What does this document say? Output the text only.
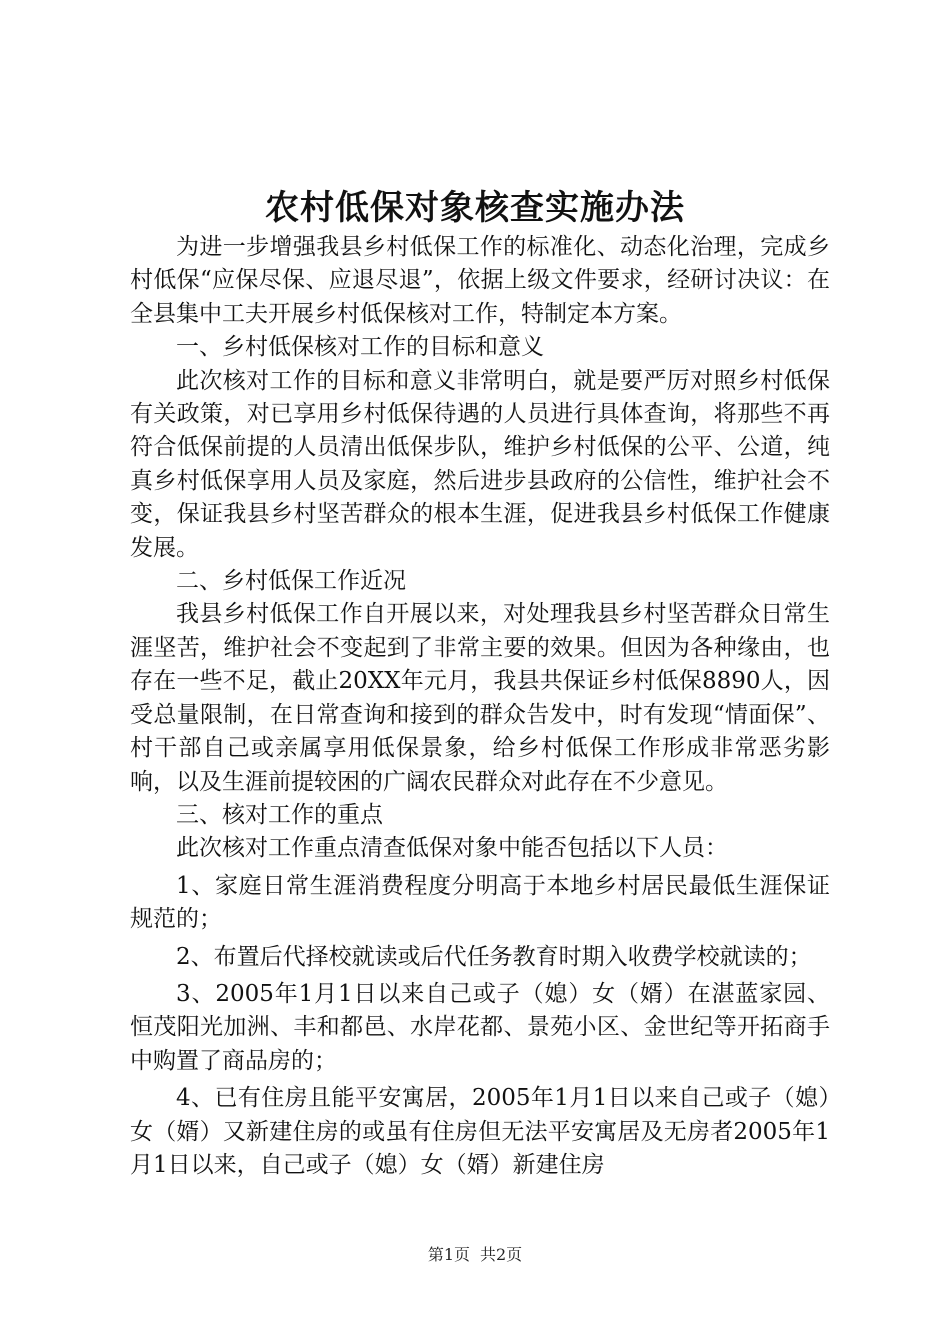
农村低保对象核查实施办法

为进一步增强我县乡村低保工作的标准化、动态化治理，完成乡村低保“应保尽保、应退尽退”，依据上级文件要求，经研讨决议：在全县集中工夫开展乡村低保核对工作，特制定本方案。

一、乡村低保核对工作的目标和意义

此次核对工作的目标和意义非常明白，就是要严厉对照乡村低保有关政策，对已享用乡村低保待遇的人员进行具体查询，将那些不再符合低保前提的人员清出低保步队，维护乡村低保的公平、公道，纯真乡村低保享用人员及家庭，然后进步县政府的公信性，维护社会不变，保证我县乡村坚苦群众的根本生涯，促进我县乡村低保工作健康发展。

二、乡村低保工作近况

我县乡村低保工作自开展以来，对处理我县乡村坚苦群众日常生涯坚苦，维护社会不变起到了非常主要的效果。但因为各种缘由，也存在一些不足，截止20XX年元月，我县共保证乡村低保8890人，因受总量限制，在日常查询和接到的群众告发中，时有发现“情面保”、村干部自己或亲属享用低保景象，给乡村低保工作形成非常恶劣影响，以及生涯前提较困的广阔农民群众对此存在不少意见。

三、核对工作的重点

此次核对工作重点清查低保对象中能否包括以下人员：

1、家庭日常生涯消费程度分明高于本地乡村居民最低生涯保证规范的；

2、布置后代择校就读或后代任务教育时期入收费学校就读的；

3、2005年1月1日以来自己或子（媳）女（婿）在湛蓝家园、恒茂阳光加洲、丰和都邑、水岸花都、景苑小区、金世纪等开拓商手中购置了商品房的；

4、已有住房且能平安寓居，2005年1月1日以来自己或子（媳）女（婿）又新建住房的或虽有住房但无法平安寓居及无房者2005年1月1日以来，自己或子（媳）女（婿）新建住房

第1页 共2页
